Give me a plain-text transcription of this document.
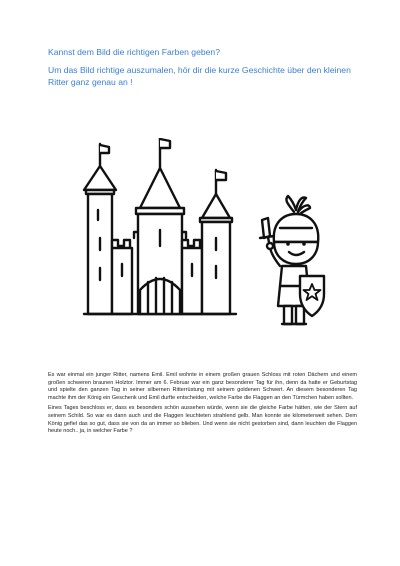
Kannst dem Bild die richtigen Farben geben?
Um das Bild richtige auszumalen, hör dir die kurze Geschichte über den kleinen Ritter ganz genau an !

Es war einmal ein junger Ritter, namens Emil. Emil wohnte in einem großen grauen Schloss mit roten Dächern und einem großen schweren braunen Holztor. Immer am 6. Februar war ein ganz besonderer Tag für ihn, denn da hatte er Geburtstag und spielte den ganzen Tag in seiner silbernen Ritterrüstung mit seinem goldenen Schwert. An diesem besonderen Tag machte ihm der König ein Geschenk und Emil durfte entscheiden, welche Farbe die Flaggen an den Türmchen haben sollten.

Eines Tages beschloss er, dass es besonders schön aussehen würde, wenn sie die gleiche Farbe hätten, wie der Stern auf seinem Schild. So war es dann auch und die Flaggen leuchteten strahlend gelb. Man konnte sie kilometerweit sehen. Dem König gefiel das so gut, dass sie von da an immer so blieben. Und wenn sie nicht gestorben sind, dann leuchten die Flaggen heute noch.. ja, in welcher Farbe ?
